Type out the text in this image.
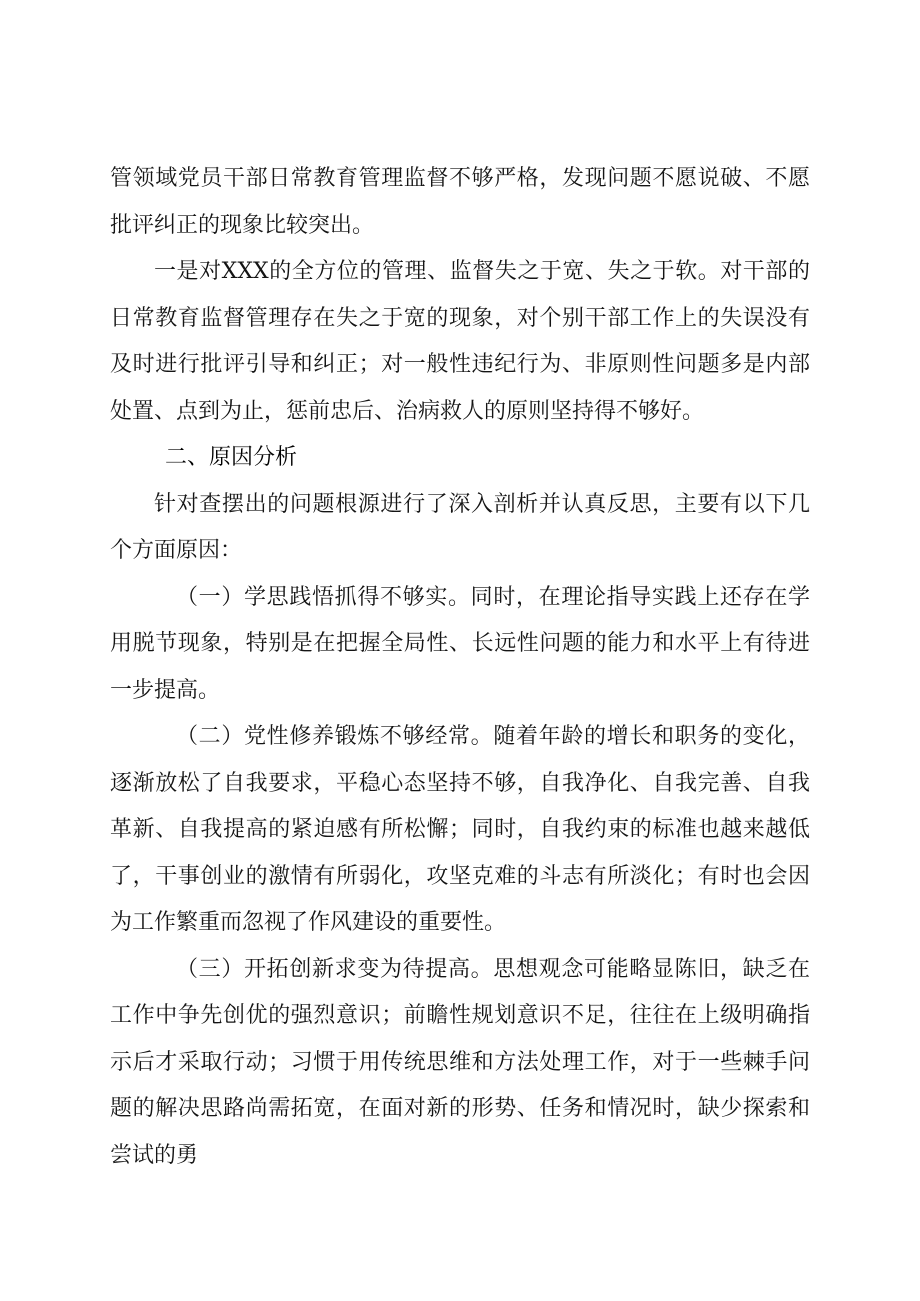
管领域党员干部日常教育管理监督不够严格，发现问题不愿说破、不愿批评纠正的现象比较突出。

一是对XXX的全方位的管理、监督失之于宽、失之于软。对干部的日常教育监督管理存在失之于宽的现象，对个别干部工作上的失误没有及时进行批评引导和纠正；对一般性违纪行为、非原则性问题多是内部处置、点到为止，惩前忠后、治病救人的原则坚持得不够好。

二、原因分析

针对查摆出的问题根源进行了深入剖析并认真反思，主要有以下几个方面原因：

（一）学思践悟抓得不够实。同时，在理论指导实践上还存在学用脱节现象，特别是在把握全局性、长远性问题的能力和水平上有待进一步提高。

（二）党性修养锻炼不够经常。随着年龄的增长和职务的变化，逐渐放松了自我要求，平稳心态坚持不够，自我净化、自我完善、自我革新、自我提高的紧迫感有所松懈；同时，自我约束的标准也越来越低了，干事创业的激情有所弱化，攻坚克难的斗志有所淡化；有时也会因为工作繁重而忽视了作风建设的重要性。

（三）开拓创新求变为待提高。思想观念可能略显陈旧，缺乏在工作中争先创优的强烈意识；前瞻性规划意识不足，往往在上级明确指示后才采取行动；习惯于用传统思维和方法处理工作，对于一些棘手问题的解决思路尚需拓宽，在面对新的形势、任务和情况时，缺少探索和尝试的勇
